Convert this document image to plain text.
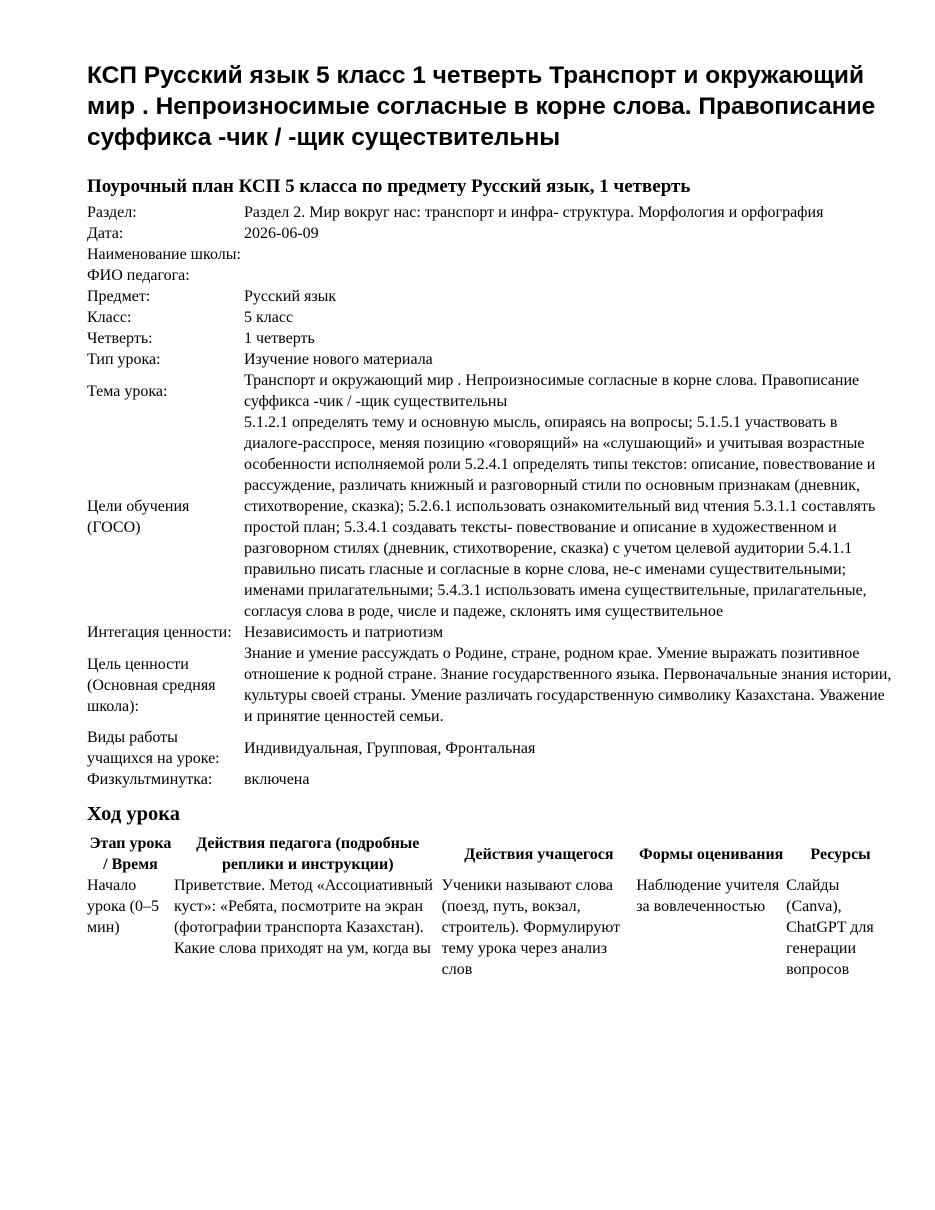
КСП Русский язык 5 класс 1 четверть Транспорт и окружающий мир . Непроизносимые согласные в корне слова. Правописание суффикса -чик / -щик существительны
Поурочный план КСП 5 класса по предмету Русский язык, 1 четверть
Раздел:	Раздел 2. Мир вокруг нас: транспорт и инфра- структура. Морфология и орфография
Дата:	2026-06-09
Наименование школы:	
ФИО педагога:	
Предмет:	Русский язык
Класс:	5 класс
Четверть:	1 четверть
Тип урока:	Изучение нового материала
Тема урока:	Транспорт и окружающий мир . Непроизносимые согласные в корне слова. Правописание суффикса -чик / -щик существительны
Цели обучения (ГОСО)	5.1.2.1 определять тему и основную мысль, опираясь на вопросы; 5.1.5.1 участвовать в диалоге-расспросе, меняя позицию «говорящий» на «слушающий» и учитывая возрастные особенности исполняемой роли 5.2.4.1 определять типы текстов: описание, повествование и рассуждение, различать книжный и разговорный стили по основным признакам (дневник, стихотворение, сказка); 5.2.6.1 использовать ознакомительный вид чтения 5.3.1.1 составлять простой план; 5.3.4.1 создавать тексты- повествование и описание в художественном и разговорном стилях (дневник, стихотворение, сказка) с учетом целевой аудитории 5.4.1.1 правильно писать гласные и согласные в корне слова, не-с именами существительными; именами прилагательными; 5.4.3.1 использовать имена существительные, прилагательные, согласуя слова в роде, числе и падеже, склонять имя существительное
Интегация ценности:	Независимость и патриотизм
Цель ценности (Основная средняя школа):	Знание и умение рассуждать о Родине, стране, родном крае. Умение выражать позитивное отношение к родной стране. Знание государственного языка. Первоначальные знания истории, культуры своей страны. Умение различать государственную символику Казахстана. Уважение и принятие ценностей семьи.
Виды работы учащихся на уроке:	Индивидуальная, Групповая, Фронтальная
Физкультминутка:	включена
Ход урока
Этап урока / Время	Действия педагога (подробные реплики и инструкции)	Действия учащегося	Формы оценивания	Ресурсы
Начало урока (0–5 мин)	Приветствие. Метод «Ассоциативный куст»: «Ребята, посмотрите на экран (фотографии транспорта Казахстан). Какие слова приходят на ум, когда вы	Ученики называют слова (поезд, путь, вокзал, строитель). Формулируют тему урока через анализ слов	Наблюдение учителя за вовлеченностью	Слайды (Canva), ChatGPT для генерации вопросов
